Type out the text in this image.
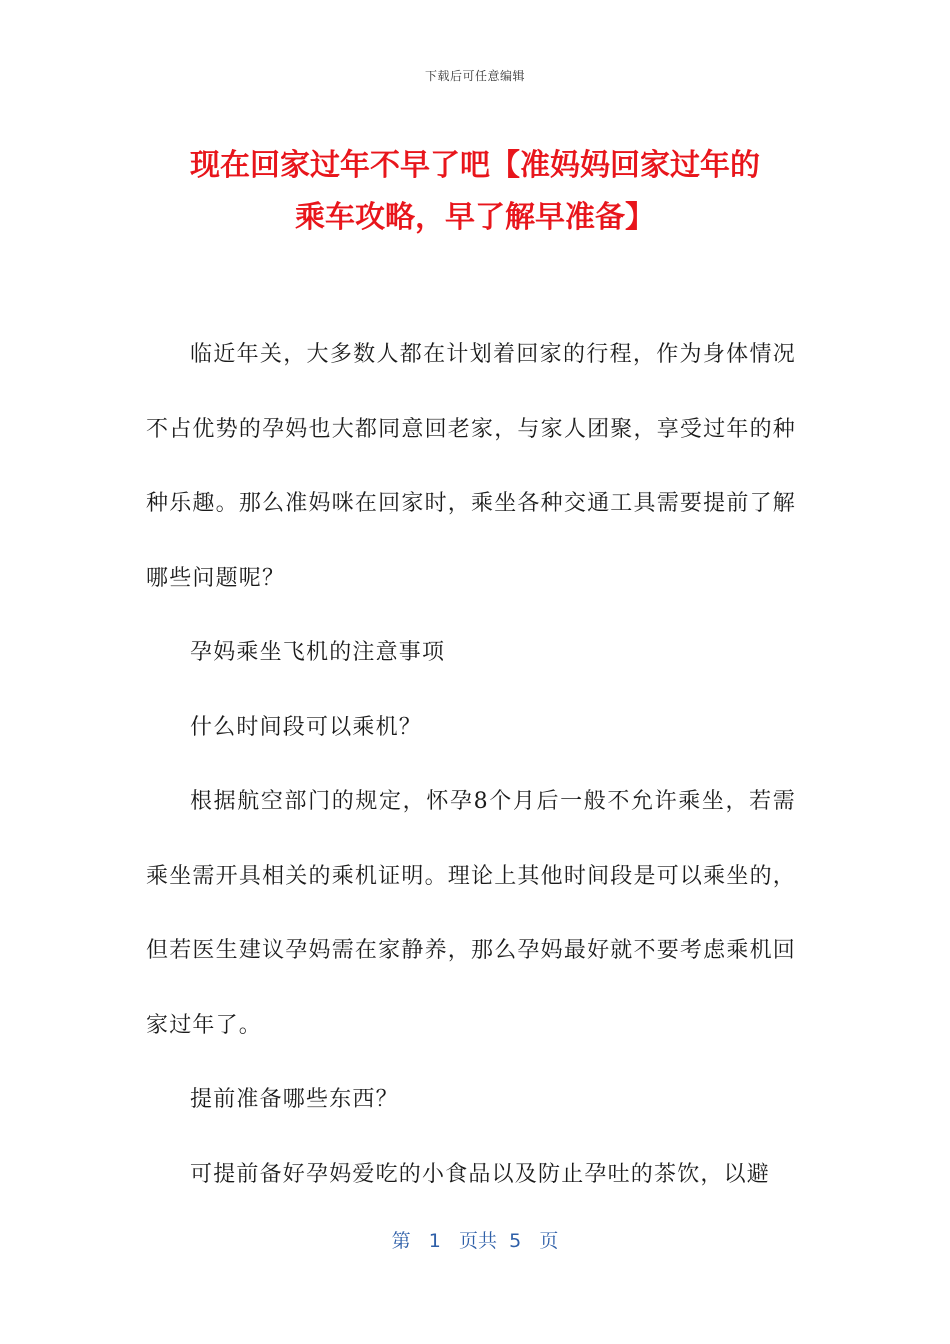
下载后可任意编辑
现在回家过年不早了吧【准妈妈回家过年的
乘车攻略，早了解早准备】

临近年关，大多数人都在计划着回家的行程，作为身体情况不占优势的孕妈也大都同意回老家，与家人团聚，享受过年的种种乐趣。那么准妈咪在回家时，乘坐各种交通工具需要提前了解哪些问题呢？

孕妈乘坐飞机的注意事项

什么时间段可以乘机？

根据航空部门的规定，怀孕8个月后一般不允许乘坐，若需乘坐需开具相关的乘机证明。理论上其他时间段是可以乘坐的，但若医生建议孕妈需在家静养，那么孕妈最好就不要考虑乘机回家过年了。

提前准备哪些东西？

可提前备好孕妈爱吃的小食品以及防止孕吐的茶饮，以避

第 1 页共 5 页
